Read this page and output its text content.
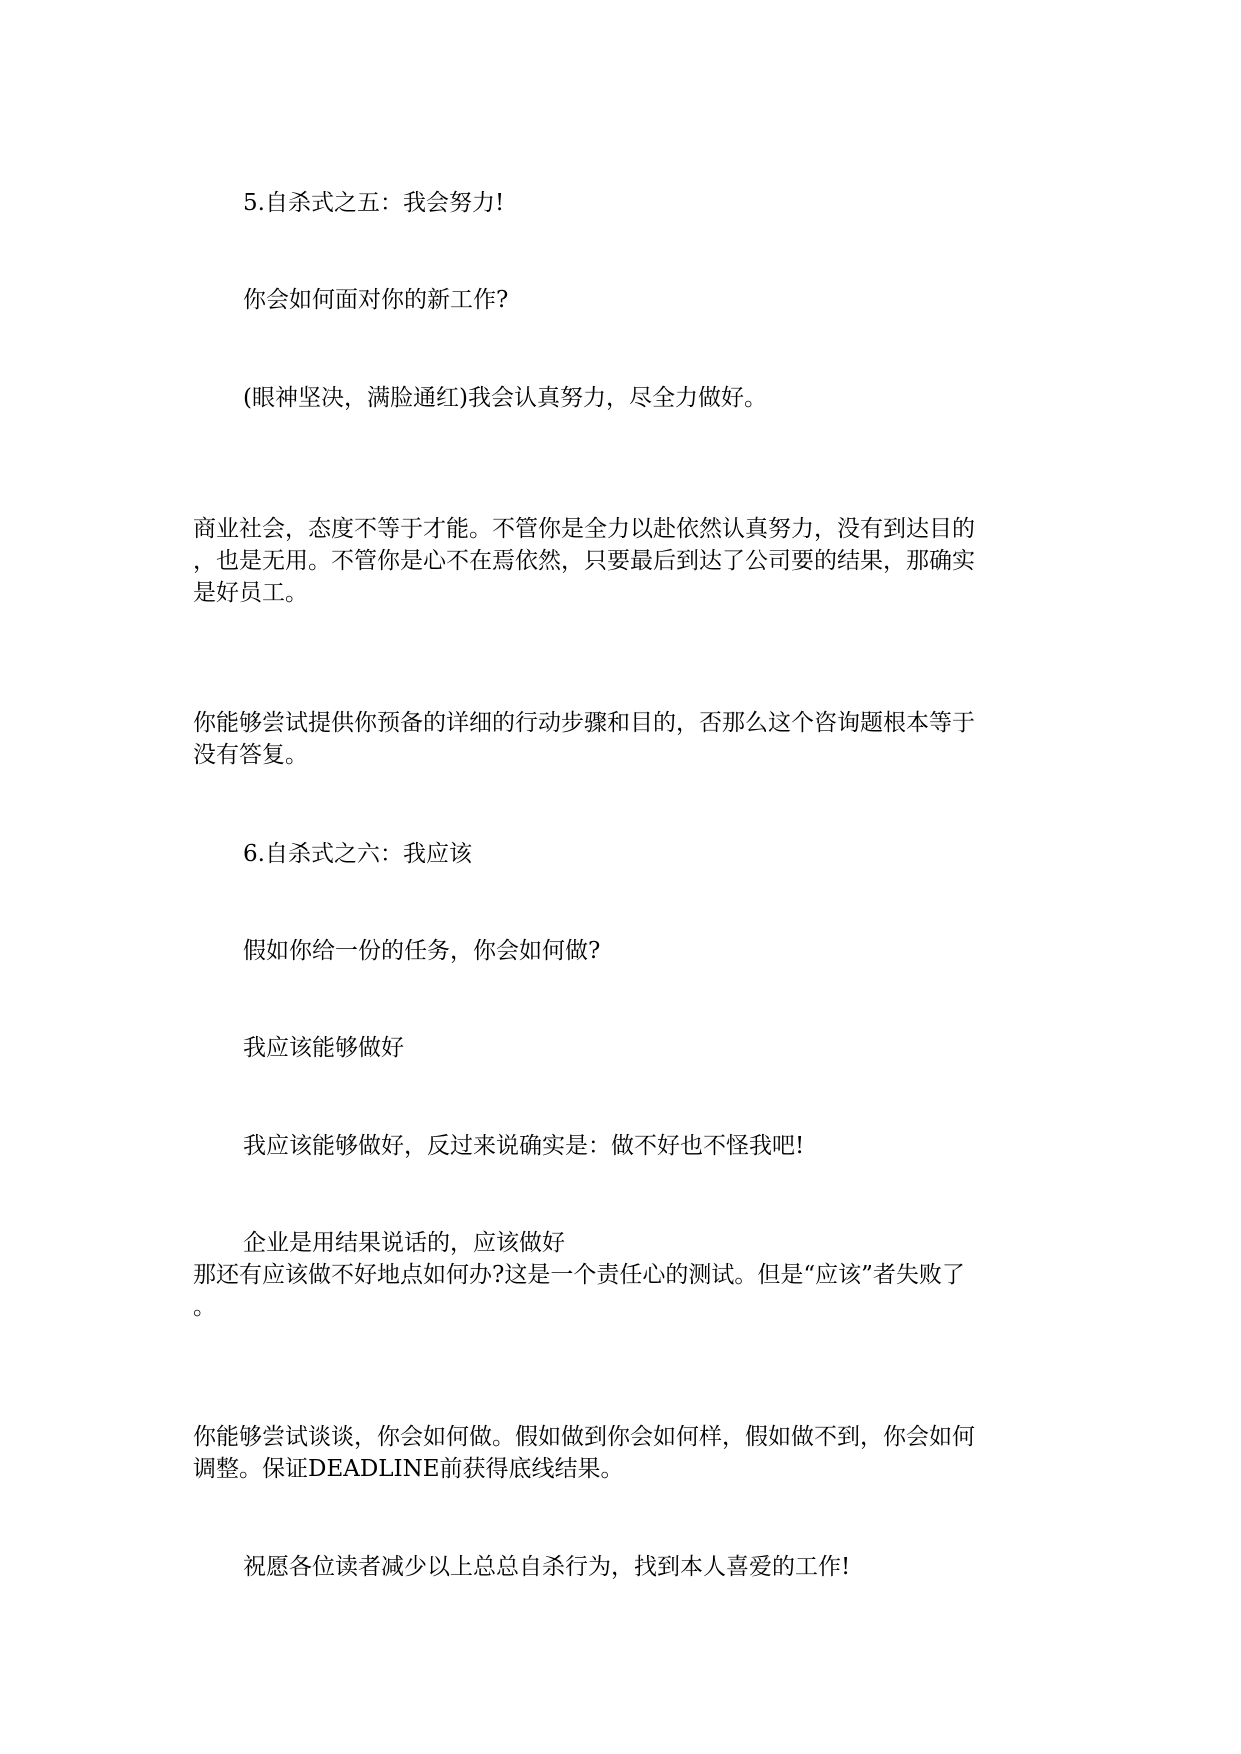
5.自杀式之五：我会努力!

你会如何面对你的新工作?

(眼神坚决，满脸通红)我会认真努力，尽全力做好。

商业社会，态度不等于才能。不管你是全力以赴依然认真努力，没有到达目的

，也是无用。不管你是心不在焉依然，只要最后到达了公司要的结果，那确实

是好员工。

你能够尝试提供你预备的详细的行动步骤和目的，否那么这个咨询题根本等于

没有答复。

6.自杀式之六：我应该

假如你给一份的任务，你会如何做?

我应该能够做好

我应该能够做好，反过来说确实是：做不好也不怪我吧!

企业是用结果说话的，应该做好

那还有应该做不好地点如何办?这是一个责任心的测试。但是“应该”者失败了

。

你能够尝试谈谈，你会如何做。假如做到你会如何样，假如做不到，你会如何

调整。保证DEADLINE前获得底线结果。

祝愿各位读者减少以上总总自杀行为，找到本人喜爱的工作!
